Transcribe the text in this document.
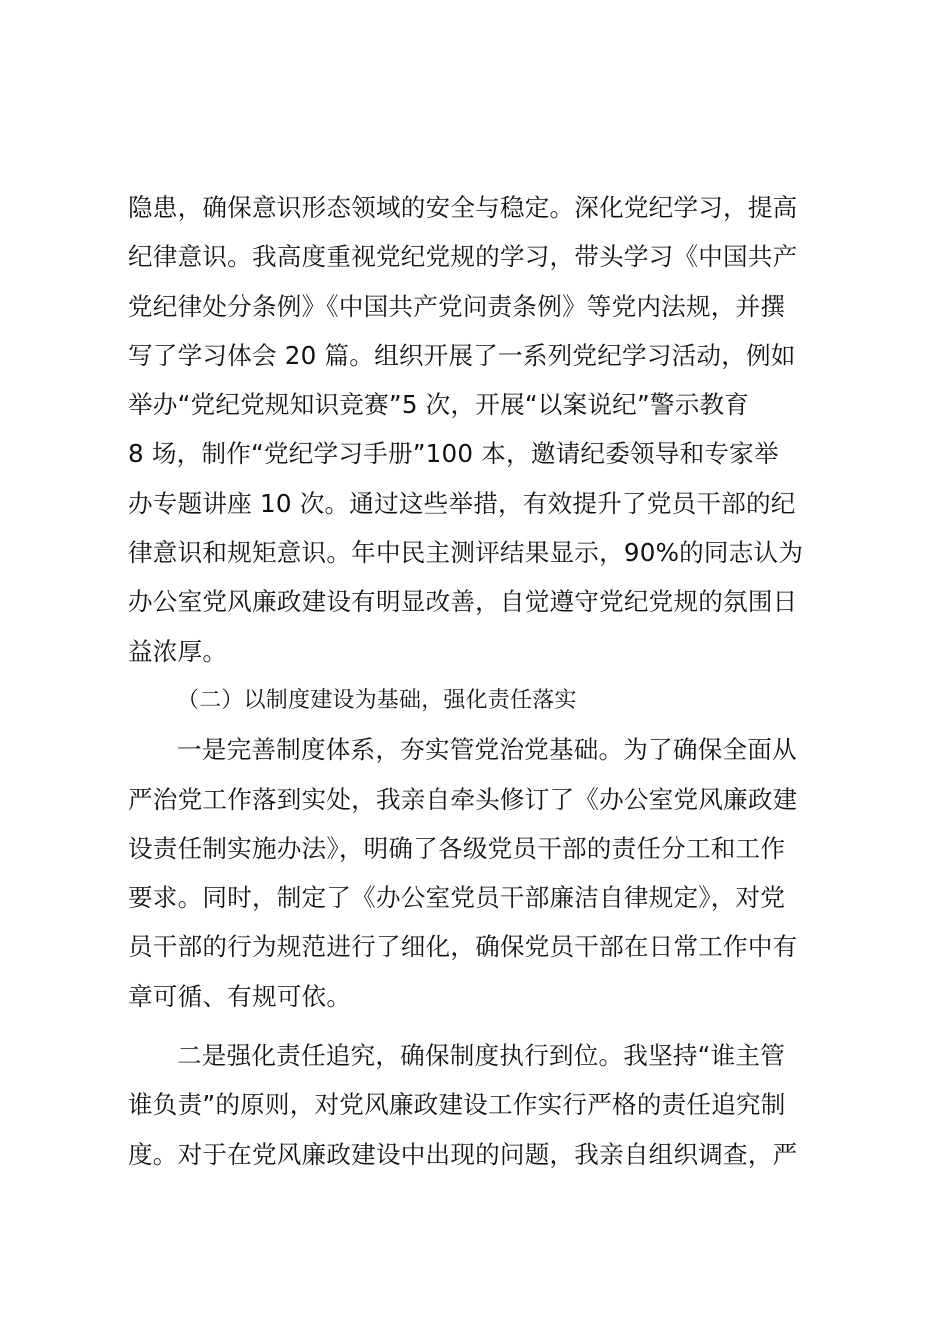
隐患，确保意识形态领域的安全与稳定。深化党纪学习，提高
纪律意识。我高度重视党纪党规的学习，带头学习《中国共产
党纪律处分条例》《中国共产党问责条例》等党内法规，并撰
写了学习体会 20 篇。组织开展了一系列党纪学习活动，例如
举办“党纪党规知识竞赛”5 次，开展“以案说纪”警示教育
8 场，制作“党纪学习手册”100 本，邀请纪委领导和专家举
办专题讲座 10 次。通过这些举措，有效提升了党员干部的纪
律意识和规矩意识。年中民主测评结果显示，90%的同志认为
办公室党风廉政建设有明显改善，自觉遵守党纪党规的氛围日
益浓厚。
（二）以制度建设为基础，强化责任落实
一是完善制度体系，夯实管党治党基础。为了确保全面从
严治党工作落到实处，我亲自牵头修订了《办公室党风廉政建
设责任制实施办法》，明确了各级党员干部的责任分工和工作
要求。同时，制定了《办公室党员干部廉洁自律规定》，对党
员干部的行为规范进行了细化，确保党员干部在日常工作中有
章可循、有规可依。
二是强化责任追究，确保制度执行到位。我坚持“谁主管
谁负责”的原则，对党风廉政建设工作实行严格的责任追究制
度。对于在党风廉政建设中出现的问题，我亲自组织调查，严
